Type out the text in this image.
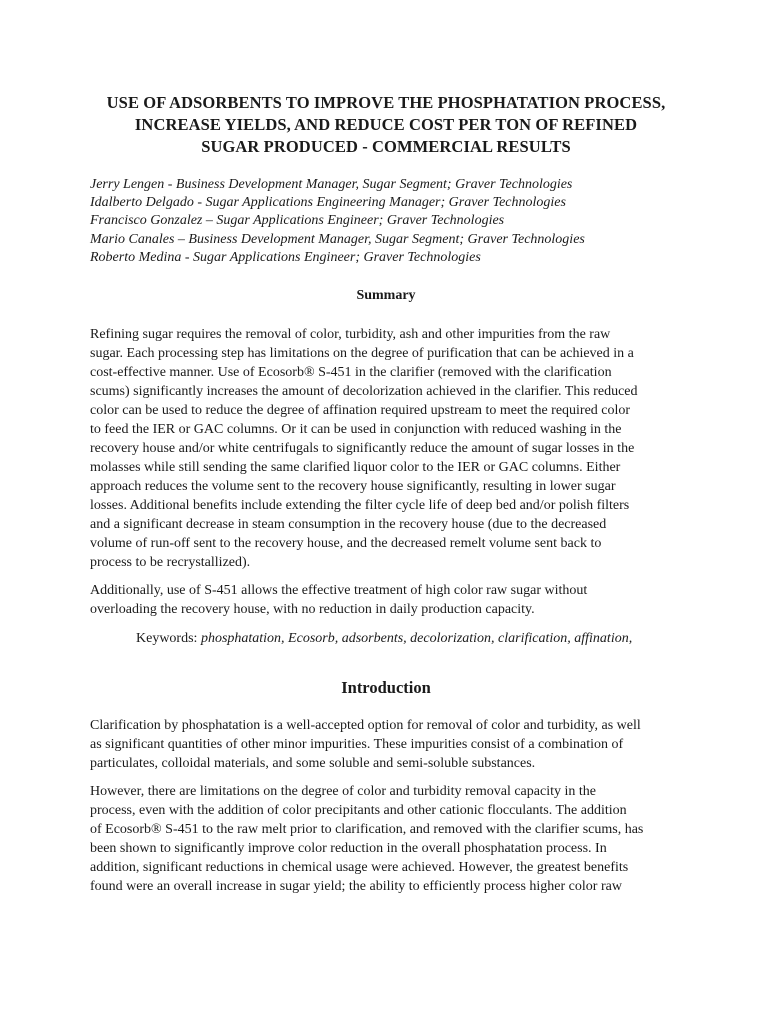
USE OF ADSORBENTS TO IMPROVE THE PHOSPHATATION PROCESS,
INCREASE YIELDS, AND REDUCE COST PER TON OF REFINED
SUGAR PRODUCED - COMMERCIAL RESULTS
Jerry Lengen - Business Development Manager, Sugar Segment; Graver Technologies
Idalberto Delgado - Sugar Applications Engineering Manager; Graver Technologies
Francisco Gonzalez – Sugar Applications Engineer; Graver Technologies
Mario Canales – Business Development Manager, Sugar Segment; Graver Technologies
Roberto Medina - Sugar Applications Engineer; Graver Technologies
Summary
Refining sugar requires the removal of color, turbidity, ash and other impurities from the raw
sugar. Each processing step has limitations on the degree of purification that can be achieved in a
cost-effective manner. Use of Ecosorb® S-451 in the clarifier (removed with the clarification
scums) significantly increases the amount of decolorization achieved in the clarifier. This reduced
color can be used to reduce the degree of affination required upstream to meet the required color
to feed the IER or GAC columns. Or it can be used in conjunction with reduced washing in the
recovery house and/or white centrifugals to significantly reduce the amount of sugar losses in the
molasses while still sending the same clarified liquor color to the IER or GAC columns. Either
approach reduces the volume sent to the recovery house significantly, resulting in lower sugar
losses. Additional benefits include extending the filter cycle life of deep bed and/or polish filters
and a significant decrease in steam consumption in the recovery house (due to the decreased
volume of run-off sent to the recovery house, and the decreased remelt volume sent back to
process to be recrystallized).
Additionally, use of S-451 allows the effective treatment of high color raw sugar without
overloading the recovery house, with no reduction in daily production capacity.
Keywords: phosphatation, Ecosorb, adsorbents, decolorization, clarification, affination,
Introduction
Clarification by phosphatation is a well-accepted option for removal of color and turbidity, as well
as significant quantities of other minor impurities. These impurities consist of a combination of
particulates, colloidal materials, and some soluble and semi-soluble substances.
However, there are limitations on the degree of color and turbidity removal capacity in the
process, even with the addition of color precipitants and other cationic flocculants. The addition
of Ecosorb® S-451 to the raw melt prior to clarification, and removed with the clarifier scums, has
been shown to significantly improve color reduction in the overall phosphatation process. In
addition, significant reductions in chemical usage were achieved. However, the greatest benefits
found were an overall increase in sugar yield; the ability to efficiently process higher color raw
